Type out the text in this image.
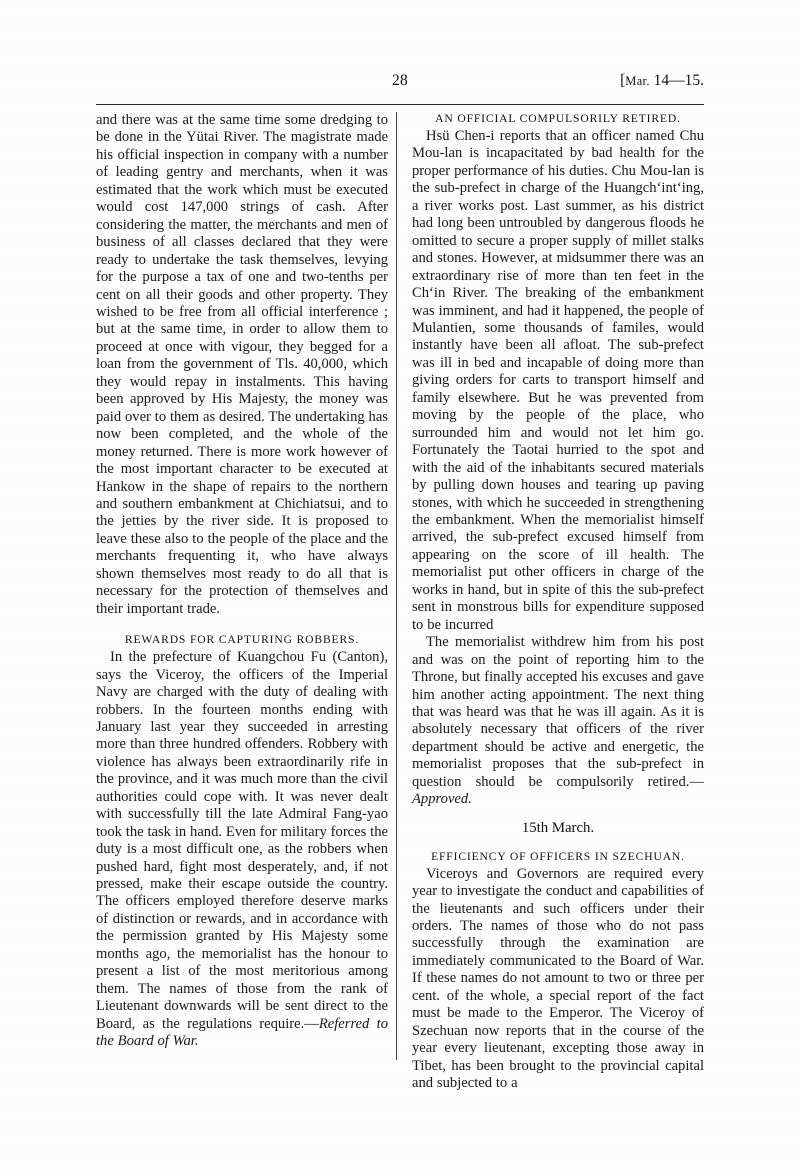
28	[Mar. 14—15.

and there was at the same time some dredging to be done in the Yütai River. The magistrate made his official inspection in company with a number of leading gentry and merchants, when it was estimated that the work which must be executed would cost 147,000 strings of cash. After considering the matter, the merchants and men of business of all classes declared that they were ready to undertake the task themselves, levying for the purpose a tax of one and two-tenths per cent on all their goods and other property. They wished to be free from all official interference ; but at the same time, in order to allow them to proceed at once with vigour, they begged for a loan from the government of Tls. 40,000, which they would repay in instalments. This having been approved by His Majesty, the money was paid over to them as desired. The undertaking has now been completed, and the whole of the money returned. There is more work however of the most important character to be executed at Hankow in the shape of repairs to the northern and southern embankment at Chichiatsui, and to the jetties by the river side. It is proposed to leave these also to the people of the place and the merchants frequenting it, who have always shown themselves most ready to do all that is necessary for the protection of themselves and their important trade.

REWARDS FOR CAPTURING ROBBERS.

In the prefecture of Kuangchou Fu (Canton), says the Viceroy, the officers of the Imperial Navy are charged with the duty of dealing with robbers. In the fourteen months ending with January last year they succeeded in arresting more than three hundred offenders. Robbery with violence has always been extraordinarily rife in the province, and it was much more than the civil authorities could cope with. It was never dealt with successfully till the late Admiral Fang-yao took the task in hand. Even for military forces the duty is a most difficult one, as the robbers when pushed hard, fight most desperately, and, if not pressed, make their escape outside the country. The officers employed therefore deserve marks of distinction or rewards, and in accordance with the permission granted by His Majesty some months ago, the memorialist has the honour to present a list of the most meritorious among them. The names of those from the rank of Lieutenant downwards will be sent direct to the Board, as the regulations require.—Referred to the Board of War.

AN OFFICIAL COMPULSORILY RETIRED.

Hsü Chen-i reports that an officer named Chu Mou-lan is incapacitated by bad health for the proper performance of his duties. Chu Mou-lan is the sub-prefect in charge of the Huangch‘int‘ing, a river works post. Last summer, as his district had long been untroubled by dangerous floods he omitted to secure a proper supply of millet stalks and stones. However, at midsummer there was an extraordinary rise of more than ten feet in the Ch‘in River. The breaking of the embankment was imminent, and had it happened, the people of Mulantien, some thousands of familes, would instantly have been all afloat. The sub-prefect was ill in bed and incapable of doing more than giving orders for carts to transport himself and family elsewhere. But he was prevented from moving by the people of the place, who surrounded him and would not let him go. Fortunately the Taotai hurried to the spot and with the aid of the inhabitants secured materials by pulling down houses and tearing up paving stones, with which he succeeded in strengthening the embankment. When the memorialist himself arrived, the sub-prefect excused himself from appearing on the score of ill health. The memorialist put other officers in charge of the works in hand, but in spite of this the sub-prefect sent in monstrous bills for expenditure supposed to be incurred

The memorialist withdrew him from his post and was on the point of reporting him to the Throne, but finally accepted his excuses and gave him another acting appointment. The next thing that was heard was that he was ill again. As it is absolutely necessary that officers of the river department should be active and energetic, the memorialist proposes that the sub-prefect in question should be compulsorily retired.— Approved.

15th March.
EFFICIENCY OF OFFICERS IN SZECHUAN.

Viceroys and Governors are required every year to investigate the conduct and capabilities of the lieutenants and such officers under their orders. The names of those who do not pass successfully through the examination are immediately communicated to the Board of War. If these names do not amount to two or three per cent. of the whole, a special report of the fact must be made to the Emperor. The Viceroy of Szechuan now reports that in the course of the year every lieutenant, excepting those away in Tibet, has been brought to the provincial capital and subjected to a
